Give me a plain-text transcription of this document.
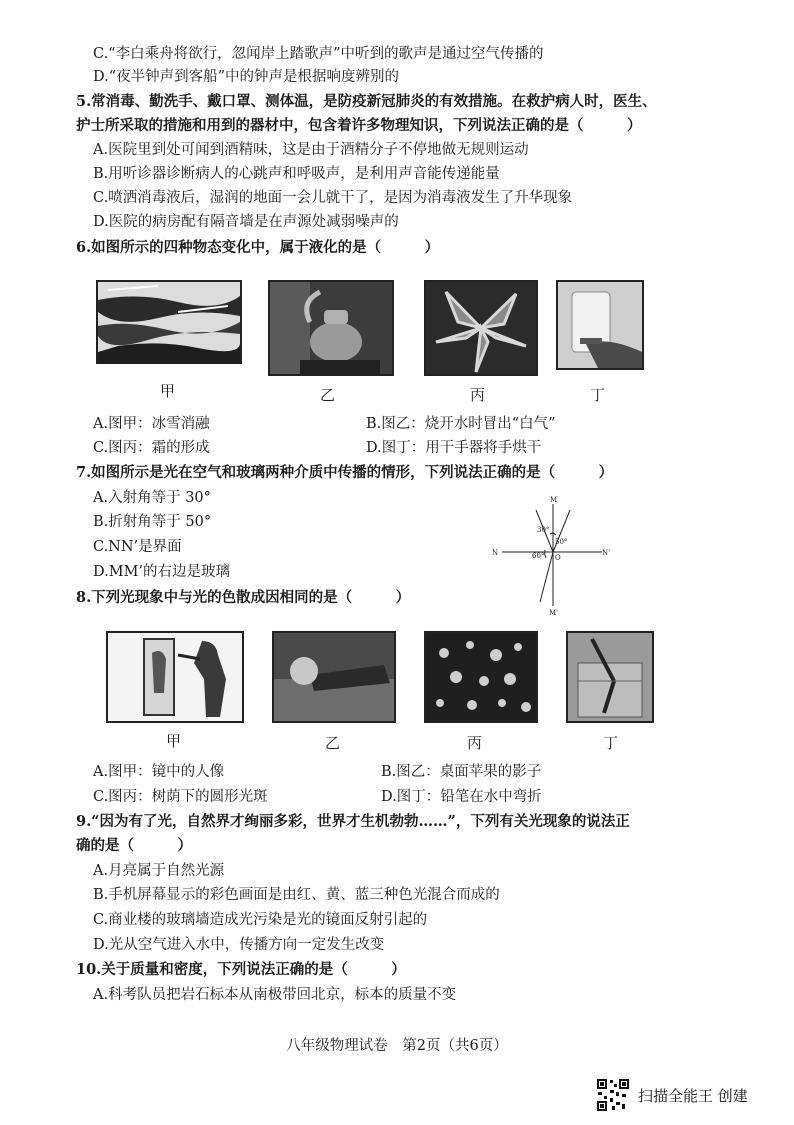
C.“李白乘舟将欲行，忽闻岸上踏歌声”中听到的歌声是通过空气传播的
D.“夜半钟声到客船”中的钟声是根据响度辨别的
5.常消毒、勤洗手、戴口罩、测体温，是防疫新冠肺炎的有效措施。在救护病人时，医生、
护士所采取的措施和用到的器材中，包含着许多物理知识，下列说法正确的是（　　　）
A.医院里到处可闻到酒精味，这是由于酒精分子不停地做无规则运动
B.用听诊器诊断病人的心跳声和呼吸声，是利用声音能传递能量
C.喷洒消毒液后，湿润的地面一会儿就干了，是因为消毒液发生了升华现象
D.医院的病房配有隔音墙是在声源处减弱噪声的
6.如图所示的四种物态变化中，属于液化的是（　　　）
甲	乙	丙	丁
A.图甲：冰雪消融	B.图乙：烧开水时冒出“白气”
C.图丙：霜的形成	D.图丁：用干手器将手烘干
7.如图所示是光在空气和玻璃两种介质中传播的情形，下列说法正确的是（　　　）
A.入射角等于 30°
B.折射角等于 50°
C.NN’是界面
D.MM’的右边是玻璃
M
M'
N	N'
O
30°
50°
60°
8.下列光现象中与光的色散成因相同的是（　　　）
甲	乙	丙	丁
A.图甲：镜中的人像	B.图乙：桌面苹果的影子
C.图丙：树荫下的圆形光斑	D.图丁：铅笔在水中弯折
9.“因为有了光，自然界才绚丽多彩，世界才生机勃勃……”，下列有关光现象的说法正
确的是（　　　）
A.月亮属于自然光源
B.手机屏幕显示的彩色画面是由红、黄、蓝三种色光混合而成的
C.商业楼的玻璃墙造成光污染是光的镜面反射引起的
D.光从空气进入水中，传播方向一定发生改变
10.关于质量和密度，下列说法正确的是（　　　）
A.科考队员把岩石标本从南极带回北京，标本的质量不变
八年级物理试卷　第2页（共6页）
扫描全能王 创建
